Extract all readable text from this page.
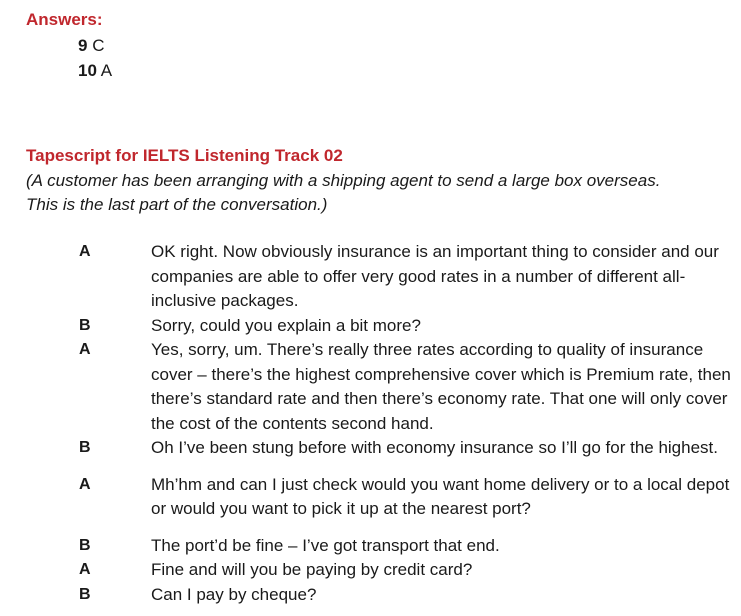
Answers:
9 C
10 A
Tapescript for IELTS Listening Track 02
(A customer has been arranging with a shipping agent to send a large box overseas. This is the last part of the conversation.)
A	OK right. Now obviously insurance is an important thing to consider and our companies are able to offer very good rates in a number of different all-inclusive packages.
B	Sorry, could you explain a bit more?
A	Yes, sorry, um. There’s really three rates according to quality of insurance cover – there’s the highest comprehensive cover which is Premium rate, then there’s standard rate and then there’s economy rate. That one will only cover the cost of the contents second hand.
B	Oh I’ve been stung before with economy insurance so I’ll go for the highest.
A	Mh’hm and can I just check would you want home delivery or to a local depot or would you want to pick it up at the nearest port?
B	The port’d be fine – I’ve got transport that end.
A	Fine and will you be paying by credit card?
B	Can I pay by cheque?
